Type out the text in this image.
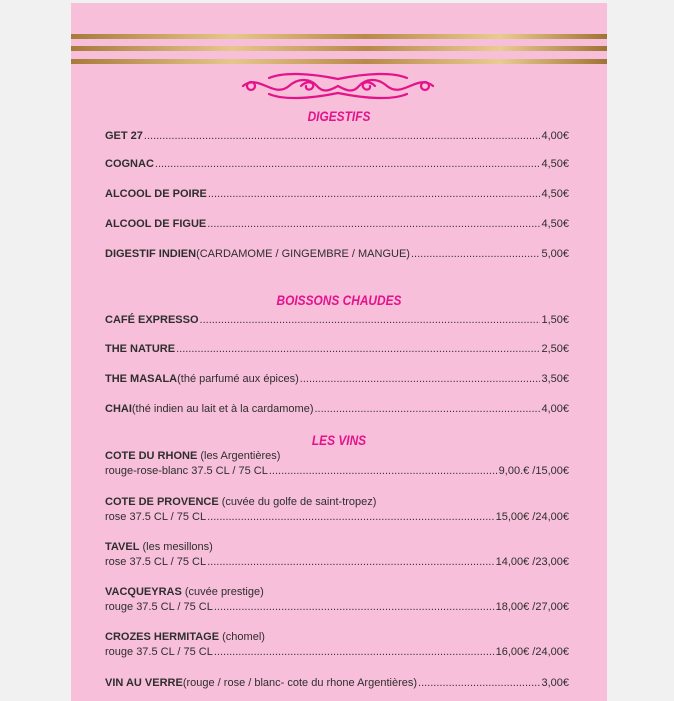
DIGESTIFS
BOISSONS CHAUDES
LES VINS
GET 27 .....	4,00€
COGNAC .....	4,50€
ALCOOL DE POIRE .....	4,50€
ALCOOL DE FIGUE .....	4,50€
DIGESTIF INDIEN (CARDAMOME / GINGEMBRE / MANGUE) .....	5,00€
CAFÉ EXPRESSO .....	1,50€
THE NATURE .....	2,50€
THE MASALA (thé parfumé aux épices) .....	3,50€
CHAI (thé indien au lait et à la cardamome) .....	4,00€
COTE DU RHONE (les Argentières)
rouge-rose-blanc 37.5 CL / 75 CL .....	9,00.€ /15,00€
COTE DE PROVENCE (cuvée du golfe de saint-tropez)
rose 37.5 CL / 75 CL .....	15,00€ /24,00€
TAVEL (les mesillons)
rose 37.5 CL / 75 CL .....	14,00€ /23,00€
VACQUEYRAS (cuvée prestige)
rouge 37.5 CL / 75 CL .....	18,00€ /27,00€
CROZES HERMITAGE (chomel)
rouge 37.5 CL / 75 CL .....	16,00€ /24,00€
VIN AU VERRE (rouge / rose / blanc- cote du rhone Argentières) .....	3,00€
